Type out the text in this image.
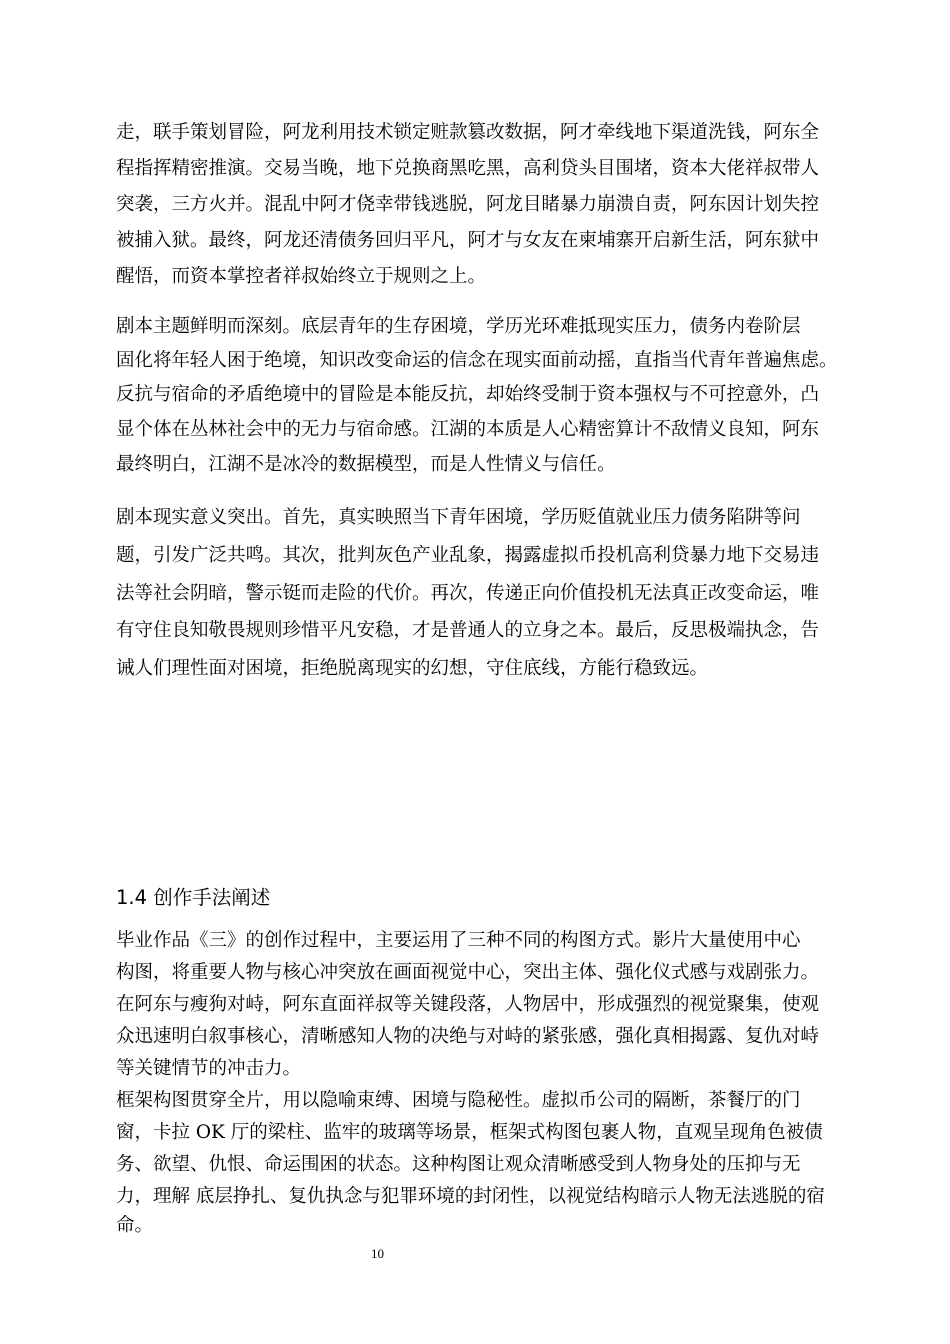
走，联手策划冒险，阿龙利用技术锁定赃款篡改数据，阿才牵线地下渠道洗钱，阿东全
程指挥精密推演。交易当晚，地下兑换商黑吃黑，高利贷头目围堵，资本大佬祥叔带人
突袭，三方火并。混乱中阿才侥幸带钱逃脱，阿龙目睹暴力崩溃自责，阿东因计划失控
被捕入狱。最终，阿龙还清债务回归平凡，阿才与女友在柬埔寨开启新生活，阿东狱中
醒悟，而资本掌控者祥叔始终立于规则之上。
剧本主题鲜明而深刻。底层青年的生存困境，学历光环难抵现实压力，债务内卷阶层
固化将年轻人困于绝境，知识改变命运的信念在现实面前动摇，直指当代青年普遍焦虑。
反抗与宿命的矛盾绝境中的冒险是本能反抗，却始终受制于资本强权与不可控意外，凸
显个体在丛林社会中的无力与宿命感。江湖的本质是人心精密算计不敌情义良知，阿东
最终明白，江湖不是冰冷的数据模型，而是人性情义与信任。
剧本现实意义突出。首先，真实映照当下青年困境，学历贬值就业压力债务陷阱等问
题，引发广泛共鸣。其次，批判灰色产业乱象，揭露虚拟币投机高利贷暴力地下交易违
法等社会阴暗，警示铤而走险的代价。再次，传递正向价值投机无法真正改变命运，唯
有守住良知敬畏规则珍惜平凡安稳，才是普通人的立身之本。最后，反思极端执念，告
诫人们理性面对困境，拒绝脱离现实的幻想，守住底线，方能行稳致远。
1.4 创作手法阐述
毕业作品《三》的创作过程中，主要运用了三种不同的构图方式。影片大量使用中心
构图，将重要人物与核心冲突放在画面视觉中心，突出主体、强化仪式感与戏剧张力。
在阿东与瘦狗对峙，阿东直面祥叔等关键段落，人物居中，形成强烈的视觉聚集，使观
众迅速明白叙事核心，清晰感知人物的决绝与对峙的紧张感，强化真相揭露、复仇对峙
等关键情节的冲击力。
框架构图贯穿全片，用以隐喻束缚、困境与隐秘性。虚拟币公司的隔断，茶餐厅的门
窗，卡拉 OK 厅的梁柱、监牢的玻璃等场景，框架式构图包裹人物，直观呈现角色被债
务、欲望、仇恨、命运围困的状态。这种构图让观众清晰感受到人物身处的压抑与无
力，理解 底层挣扎、复仇执念与犯罪环境的封闭性，以视觉结构暗示人物无法逃脱的宿
命。
10
